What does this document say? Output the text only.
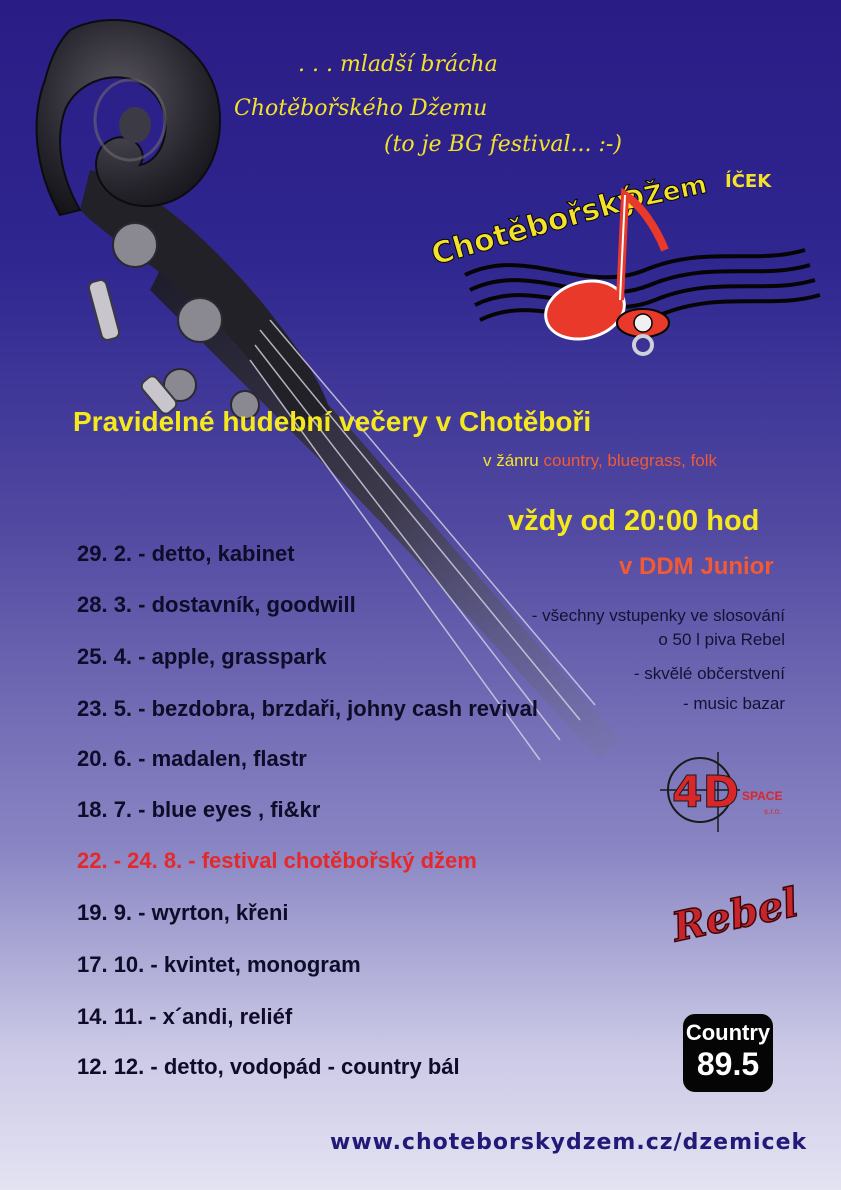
. . . mladší brácha
Chotěbořského Džemu
(to je BG festival... :-)
Chotěbořský
DŽem ÍČEK
Pravidelné hudební večery v Chotěboři
v žánru country, bluegrass, folk
vždy od 20:00 hod
v DDM Junior
- všechny vstupenky ve slosování
o 50 l piva Rebel
- skvělé občerstvení
- music bazar
29. 2. - detto, kabinet
28. 3. - dostavník, goodwill
25. 4. - apple, grasspark
23. 5. - bezdobra, brzdaři, johny cash revival
20. 6. - madalen, flastr
18. 7. - blue eyes , fi&kr
22. - 24. 8. - festival chotěbořský džem
19. 9. - wyrton, křeni
17. 10. - kvintet, monogram
14. 11. - x´andi, reliéf
12. 12. - detto, vodopád - country bál
4D SPACE
s.r.o.
Rebel
Country
89.5
www.choteborskydzem.cz/dzemicek
